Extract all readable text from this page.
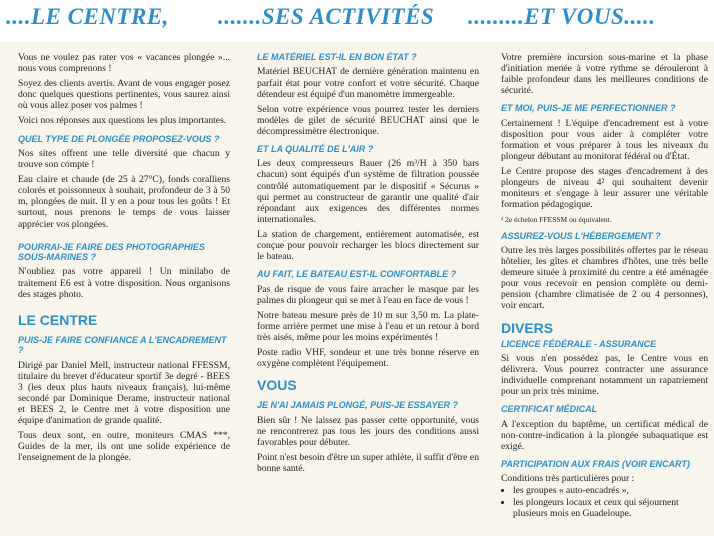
....LE CENTRE, .......SES ACTIVITÉS .........ET VOUS.....

Vous ne voulez pas rater vos « vacances plongée »... nous vous comprenons !

Soyez des clients avertis. Avant de vous engager posez donc quelques questions pertinentes, vous saurez ainsi où vous allez poser vos palmes !

Voici nos réponses aux questions les plus importantes.

QUEL TYPE DE PLONGÉE PROPOSEZ-VOUS ?

Nos sites offrent une telle diversité que chacun y trouve son compte !

Eau claire et chaude (de 25 à 27°C), fonds coralliens colorés et poissonneux à souhait, profondeur de 3 à 50 m, plongées de nuit. Il y en a pour tous les goûts ! Et surtout, nous prenons le temps de vous laisser apprécier vos plongées.

POURRAI-JE FAIRE DES PHOTOGRAPHIES SOUS-MARINES ?

N'oubliez pas votre appareil ! Un minilabo de traitement E6 est à votre disposition. Nous organisons des stages photo.

LE CENTRE
PUIS-JE FAIRE CONFIANCE A L'ENCADREMENT ?

Dirigé par Daniel Mell, instructeur national FFESSM, titulaire du brevet d'éducateur sportif 3e degré - BEES 3 (les deux plus hauts niveaux français), lui-même secondé par Dominique Derame, instructeur national et BEES 2, le Centre met à votre disposition une équipe d'animation de grande qualité.

Tous deux sont, en outre, moniteurs CMAS ***, Guides de la mer, ils ont une solide expérience de l'enseignement de la plongée.

LE MATÉRIEL EST-IL EN BON ÉTAT ?

Matériel BEUCHAT de dernière génération maintenu en parfait état pour votre confort et votre sécurité. Chaque détendeur est équipé d'un manomètre immergeable.

Selon votre expérience vous pourrez tester les derniers modèles de gilet de sécurité BEUCHAT ainsi que le décompressimètre électronique.

ET LA QUALITÉ DE L'AIR ?

Les deux compresseurs Bauer (26 m³/H à 350 bars chacun) sont équipés d'un système de filtration poussée contrôlé automatiquement par le dispositif « Sécurus » qui permet au constructeur de garantir une qualité d'air répondant aux exigences des différentes normes internationales.

La station de chargement, entièrement automatisée, est conçue pour pouvoir recharger les blocs directement sur le bateau.

AU FAIT, LE BATEAU EST-IL CONFORTABLE ?

Pas de risque de vous faire arracher le masque par les palmes du plongeur qui se met à l'eau en face de vous !

Notre bateau mesure près de 10 m sur 3,50 m. La plate-forme arrière permet une mise à l'eau et un retour à bord très aisés, même pour les moins expérimentés !

Poste radio VHF, sondeur et une très bonne réserve en oxygène complètent l'équipement.

VOUS
JE N'AI JAMAIS PLONGÉ, PUIS-JE ESSAYER ?

Bien sûr ! Ne laissez pas passer cette opportunité, vous ne rencontrerez pas tous les jours des conditions aussi favorables pour débuter.

Point n'est besoin d'être un super athlète, il suffit d'être en bonne santé.

Votre première incursion sous-marine et la phase d'initiation menée à votre rythme se dérouleront à faible profondeur dans les meilleures conditions de sécurité.

ET MOI, PUIS-JE ME PERFECTIONNER ?

Certainement ! L'équipe d'encadrement est à votre disposition pour vous aider à compléter votre formation et vous préparer à tous les niveaux du plongeur débutant au monitorat fédéral ou d'État.

Le Centre propose des stages d'encadrement à des plongeurs de niveau 4² qui souhaitent devenir moniteurs et s'engage à leur assurer une véritable formation pédagogique.

² 2e échelon FFESSM ou équivalent.
ASSUREZ-VOUS L'HÉBERGEMENT ?

Outre les très larges possibilités offertes par le réseau hôtelier, les gîtes et chambres d'hôtes, une très belle demeure située à proximité du centre a été aménagée pour vous recevoir en pension complète ou demi-pension (chambre climatisée de 2 ou 4 personnes), voir encart.

DIVERS
LICENCE FÉDÉRALE - ASSURANCE

Si vous n'en possédez pas, le Centre vous en délivrera. Vous pourrez contracter une assurance individuelle comprenant notamment un rapatriement pour un prix très minime.

CERTIFICAT MÉDICAL

A l'exception du baptême, un certificat médical de non-contre-indication à la plongée subaquatique est exigé.

PARTICIPATION AUX FRAIS (VOIR ENCART)

Conditions très particulières pour :

• les groupes « auto-encadrés »,
• les plongeurs locaux et ceux qui séjournent plusieurs mois en Guadeloupe.
